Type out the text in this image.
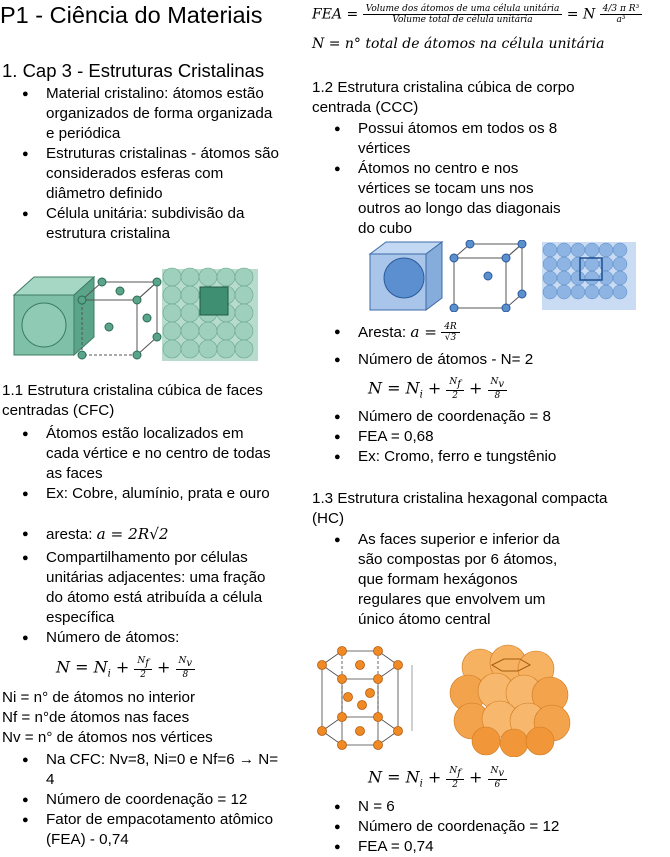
P1 - Ciência do Materiais
1. Cap 3 - Estruturas Cristalinas
● Material cristalino: átomos estão organizados de forma organizada e periódica
● Estruturas cristalinas - átomos são considerados esferas com diâmetro definido
● Célula unitária: subdivisão da estrutura cristalina
1.1 Estrutura cristalina cúbica de faces centradas (CFC)
● Átomos estão localizados em cada vértice e no centro de todas as faces
● Ex: Cobre, alumínio, prata e ouro
● aresta: a = 2R√2
● Compartilhamento por células unitárias adjacentes: uma fração do átomo está atribuída a célula específica
● Número de átomos:
$N = N_i + \frac{N_f}{2} + \frac{N_v}{8}$
Ni = n° de átomos no interior
Nf = n°de átomos nas faces
Nv = n° de átomos nos vértices
● Na CFC: Nv=8, Ni=0 e Nf=6 → N= 4
● Número de coordenação = 12
● Fator de empacotamento atômico (FEA) - 0,74
FEA = Volume dos átomos de uma célula unitária
Volume total de célula unitária	= N $\frac{\text{4/3 π R³}}{\text{a³}}$
N = n° total de átomos na célula unitária
1.2 Estrutura cristalina cúbica de corpo centrada (CCC)
● Possui átomos em todos os 8 vértices
● Átomos no centro e nos vértices se tocam uns nos outros ao longo das diagonais do cubo
● Aresta: $a = \frac{4R}{√3}$
● Número de átomos - N= 2
$N = N_i + \frac{N_f}{2} + \frac{N_v}{8}$
● Número de coordenação = 8
● FEA = 0,68
● Ex: Cromo, ferro e tungstênio
1.3 Estrutura cristalina hexagonal compacta (HC)
● As faces superior e inferior da são compostas por 6 átomos, que formam hexágonos regulares que envolvem um único átomo central
$N = N_i + \frac{N_f}{2} + \frac{N_v}{6}$
● N = 6
● Número de coordenação = 12
● FEA = 0,74
